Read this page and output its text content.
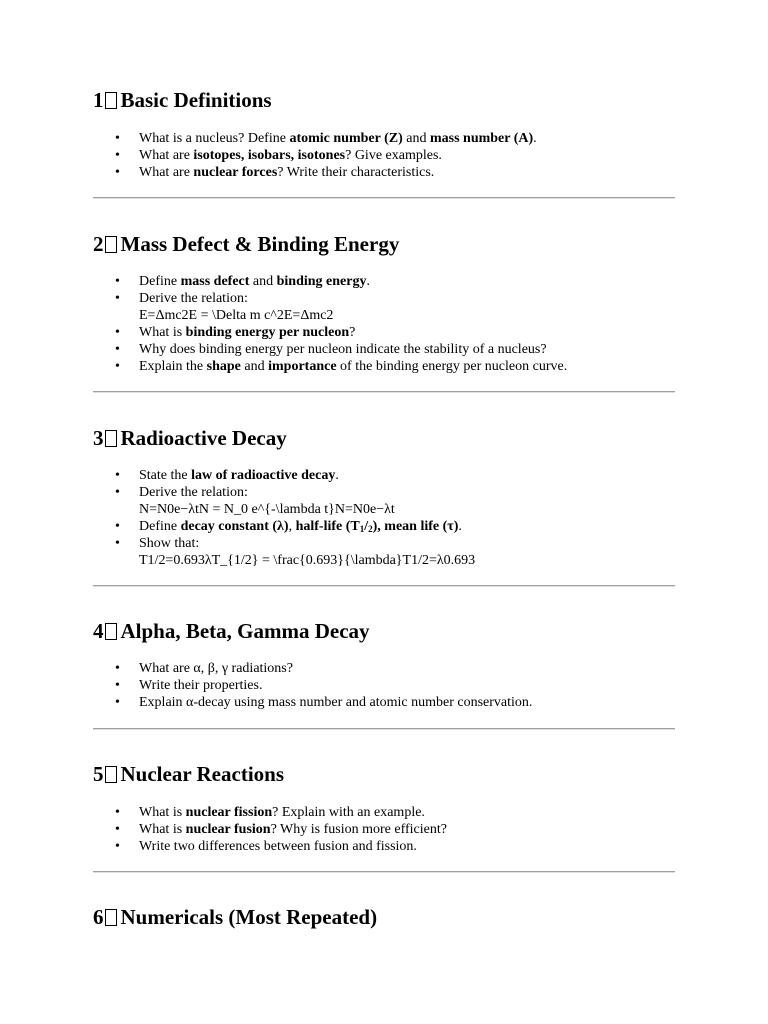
1 Basic Definitions
• What is a nucleus? Define atomic number (Z) and mass number (A).
• What are isotopes, isobars, isotones? Give examples.
• What are nuclear forces? Write their characteristics.
2 Mass Defect & Binding Energy
• Define mass defect and binding energy.
• Derive the relation:
E=Δmc2E = \Delta m c^2E=Δmc2
• What is binding energy per nucleon?
• Why does binding energy per nucleon indicate the stability of a nucleus?
• Explain the shape and importance of the binding energy per nucleon curve.
3 Radioactive Decay
• State the law of radioactive decay.
• Derive the relation:
N=N0e−λtN = N_0 e^{-\lambda t}N=N0e−λt
• Define decay constant (λ), half-life $(T_1/_2)$, mean life (τ).
• Show that:
T1/2=0.693λT_{1/2} = \frac{0.693}{\lambda}T1/2=λ0.693
4 Alpha, Beta, Gamma Decay
• What are α, β, γ radiations?
• Write their properties.
• Explain α-decay using mass number and atomic number conservation.
5 Nuclear Reactions
• What is nuclear fission? Explain with an example.
• What is nuclear fusion? Why is fusion more efficient?
• Write two differences between fusion and fission.
6 Numericals (Most Repeated)
